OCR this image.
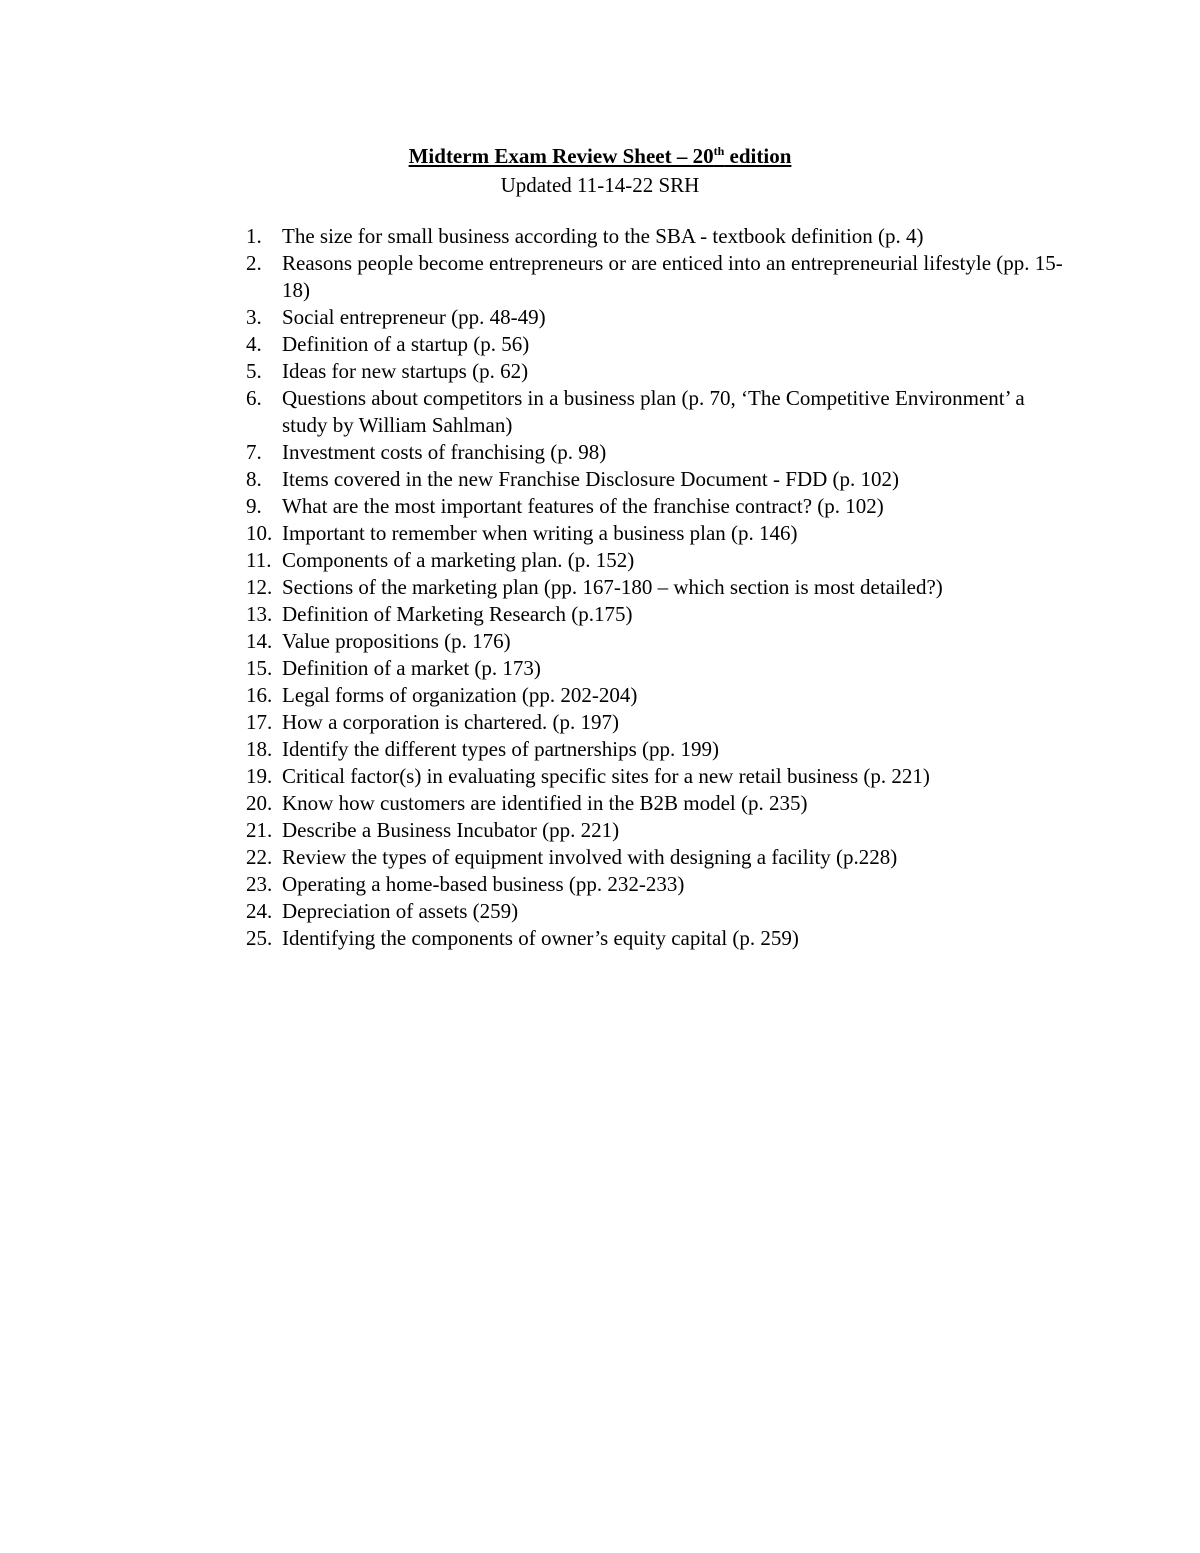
Midterm Exam Review Sheet – 20th edition
Updated 11-14-22 SRH
1. The size for small business according to the SBA - textbook definition (p. 4)
2. Reasons people become entrepreneurs or are enticed into an entrepreneurial lifestyle (pp. 15-18)
3. Social entrepreneur (pp. 48-49)
4. Definition of a startup (p. 56)
5. Ideas for new startups (p. 62)
6. Questions about competitors in a business plan (p. 70, ‘The Competitive Environment’ a study by William Sahlman)
7. Investment costs of franchising (p. 98)
8. Items covered in the new Franchise Disclosure Document - FDD (p. 102)
9. What are the most important features of the franchise contract? (p. 102)
10. Important to remember when writing a business plan (p. 146)
11. Components of a marketing plan. (p. 152)
12. Sections of the marketing plan (pp. 167-180 – which section is most detailed?)
13. Definition of Marketing Research (p.175)
14. Value propositions (p. 176)
15. Definition of a market (p. 173)
16. Legal forms of organization (pp. 202-204)
17. How a corporation is chartered. (p. 197)
18. Identify the different types of partnerships (pp. 199)
19. Critical factor(s) in evaluating specific sites for a new retail business (p. 221)
20. Know how customers are identified in the B2B model (p. 235)
21. Describe a Business Incubator (pp. 221)
22. Review the types of equipment involved with designing a facility (p.228)
23. Operating a home-based business (pp. 232-233)
24. Depreciation of assets (259)
25. Identifying the components of owner’s equity capital (p. 259)
